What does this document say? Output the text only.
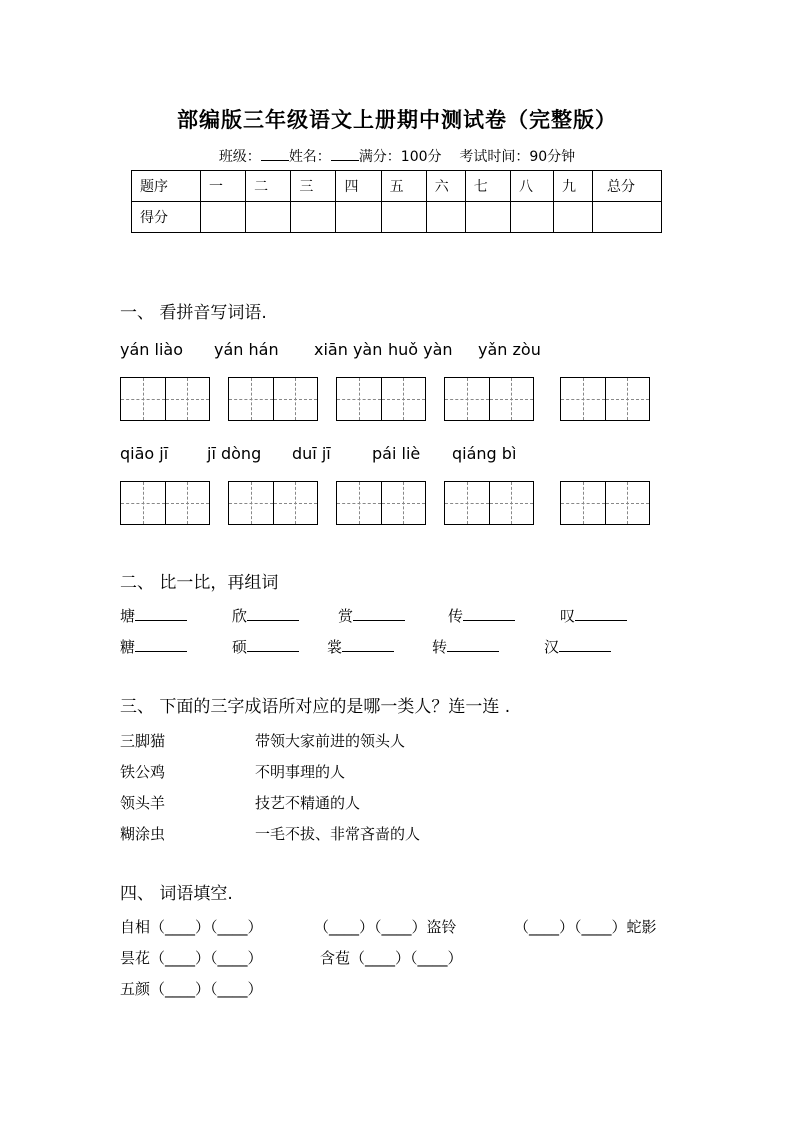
部编版三年级语文上册期中测试卷（完整版）
班级： 姓名： 满分：100分 考试时间：90分钟
题序	一	二	三	四	五	六	七	八	九	总分
得分										
一、 看拼音写词语.
yán liào yán hán xiān yàn huǒ yàn yǎn zòu
qiāo jī jī dòng duī jī	pái liè qiáng bì
二、 比一比，再组词
塘	欣	赏	传	叹
糖	硕	裳	转	汉
三、 下面的三字成语所对应的是哪一类人？连一连 .
三脚猫	带领大家前进的领头人
铁公鸡	不明事理的人
领头羊	技艺不精通的人
糊涂虫	一毛不拔、非常吝啬的人
四、 词语填空.
自相（____）（____）	（____）（____）盗铃	（____）（____）蛇影
昙花（____）（____）	含苞（____）（____）
五颜（____）（____）
